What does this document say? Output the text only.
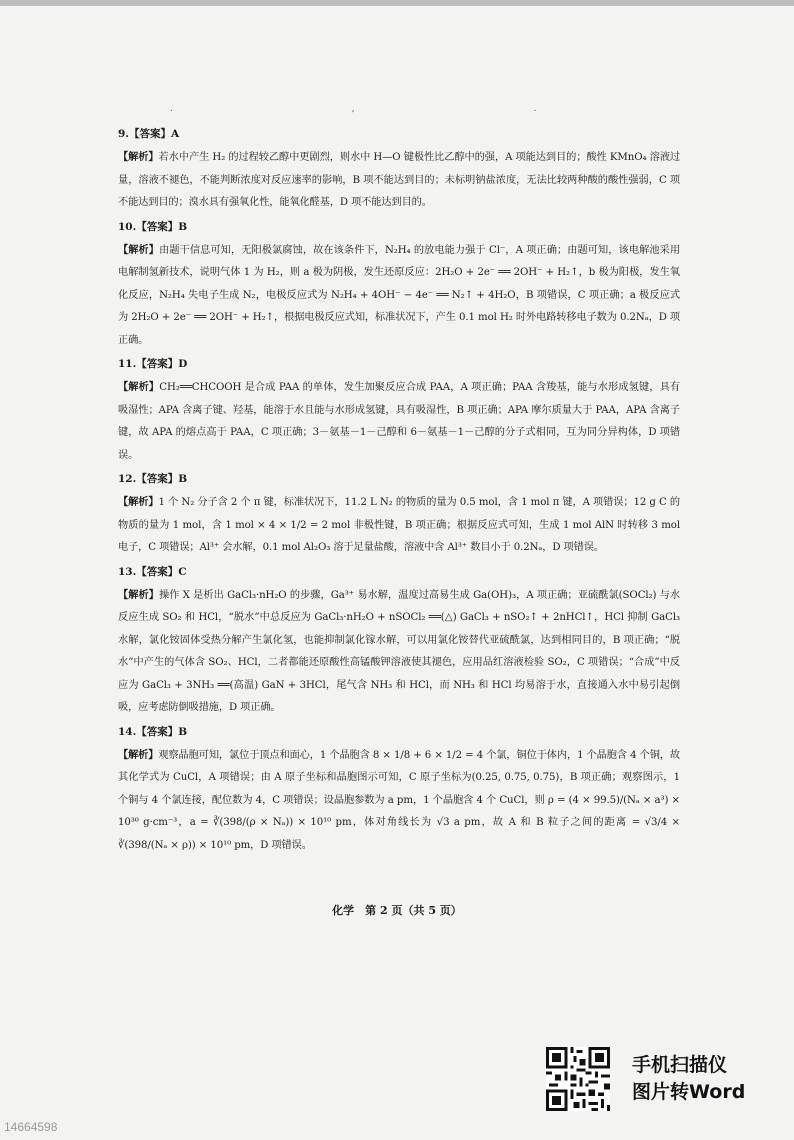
. , .
9.【答案】A

【解析】若水中产生 H₂ 的过程较乙醇中更剧烈，则水中 H—O 键极性比乙醇中的强，A 项能达到目的；酸性 KMnO₄ 溶液过量，溶液不褪色，不能判断浓度对反应速率的影响，B 项不能达到目的；未标明钠盐浓度，无法比较两种酸的酸性强弱，C 项不能达到目的；溴水具有强氧化性，能氧化醛基，D 项不能达到目的。

10.【答案】B

【解析】由题干信息可知，无阳极氯腐蚀，故在该条件下，N₂H₄ 的放电能力强于 Cl⁻，A 项正确；由题可知，该电解池采用电解制氢新技术，说明气体 1 为 H₂，则 a 极为阴极，发生还原反应：2H₂O + 2e⁻ ══ 2OH⁻ + H₂↑，b 极为阳极，发生氧化反应，N₂H₄ 失电子生成 N₂，电极反应式为 N₂H₄ + 4OH⁻ − 4e⁻ ══ N₂↑ + 4H₂O，B 项错误，C 项正确；a 极反应式为 2H₂O + 2e⁻ ══ 2OH⁻ + H₂↑，根据电极反应式知，标准状况下，产生 0.1 mol H₂ 时外电路转移电子数为 0.2Nₐ，D 项正确。

11.【答案】D

【解析】CH₂══CHCOOH 是合成 PAA 的单体，发生加聚反应合成 PAA，A 项正确；PAA 含羧基，能与水形成氢键，具有吸湿性；APA 含离子键、羟基，能溶于水且能与水形成氢键，具有吸湿性，B 项正确；APA 摩尔质量大于 PAA，APA 含离子键，故 APA 的熔点高于 PAA，C 项正确；3－氨基－1－己醇和 6－氨基－1－己醇的分子式相同，互为同分异构体，D 项错误。

12.【答案】B

【解析】1 个 N₂ 分子含 2 个 π 键，标准状况下，11.2 L N₂ 的物质的量为 0.5 mol，含 1 mol π 键，A 项错误；12 g C 的物质的量为 1 mol，含 1 mol × 4 × 1/2 = 2 mol 非极性键，B 项正确；根据反应式可知，生成 1 mol AlN 时转移 3 mol 电子，C 项错误；Al³⁺ 会水解，0.1 mol Al₂O₃ 溶于足量盐酸，溶液中含 Al³⁺ 数目小于 0.2Nₐ，D 项错误。

13.【答案】C

【解析】操作 X 是析出 GaCl₃·nH₂O 的步骤，Ga³⁺ 易水解，温度过高易生成 Ga(OH)₃，A 项正确；亚硫酰氯(SOCl₂) 与水反应生成 SO₂ 和 HCl，“脱水”中总反应为 GaCl₃·nH₂O + nSOCl₂ ══(△) GaCl₃ + nSO₂↑ + 2nHCl↑，HCl 抑制 GaCl₃ 水解，氯化铵固体受热分解产生氯化氢，也能抑制氯化镓水解，可以用氯化铵替代亚硫酰氯，达到相同目的，B 项正确；“脱水”中产生的气体含 SO₂、HCl，二者都能还原酸性高锰酸钾溶液使其褪色，应用品红溶液检验 SO₂，C 项错误；“合成”中反应为 GaCl₃ + 3NH₃ ══(高温) GaN + 3HCl，尾气含 NH₃ 和 HCl，而 NH₃ 和 HCl 均易溶于水，直接通入水中易引起倒吸，应考虑防倒吸措施，D 项正确。

14.【答案】B

【解析】观察晶胞可知，氯位于顶点和面心，1 个晶胞含 8 × 1/8 + 6 × 1/2 = 4 个氯，铜位于体内，1 个晶胞含 4 个铜，故其化学式为 CuCl，A 项错误；由 A 原子坐标和晶胞图示可知，C 原子坐标为(0.25, 0.75, 0.75)，B 项正确；观察图示，1 个铜与 4 个氯连接，配位数为 4，C 项错误；设晶胞参数为 a pm，1 个晶胞含 4 个 CuCl，则 ρ = (4 × 99.5)/(Nₐ × a³) × 10³⁰ g·cm⁻³，a = ∛(398/(ρ × Nₐ)) × 10¹⁰ pm，体对角线长为 √3 a pm，故 A 和 B 粒子之间的距离 = √3/4 × ∛(398/(Nₐ × ρ)) × 10¹⁰ pm，D 项错误。

化学　第 2 页（共 5 页）
手机扫描仪
图片转Word
14664598
